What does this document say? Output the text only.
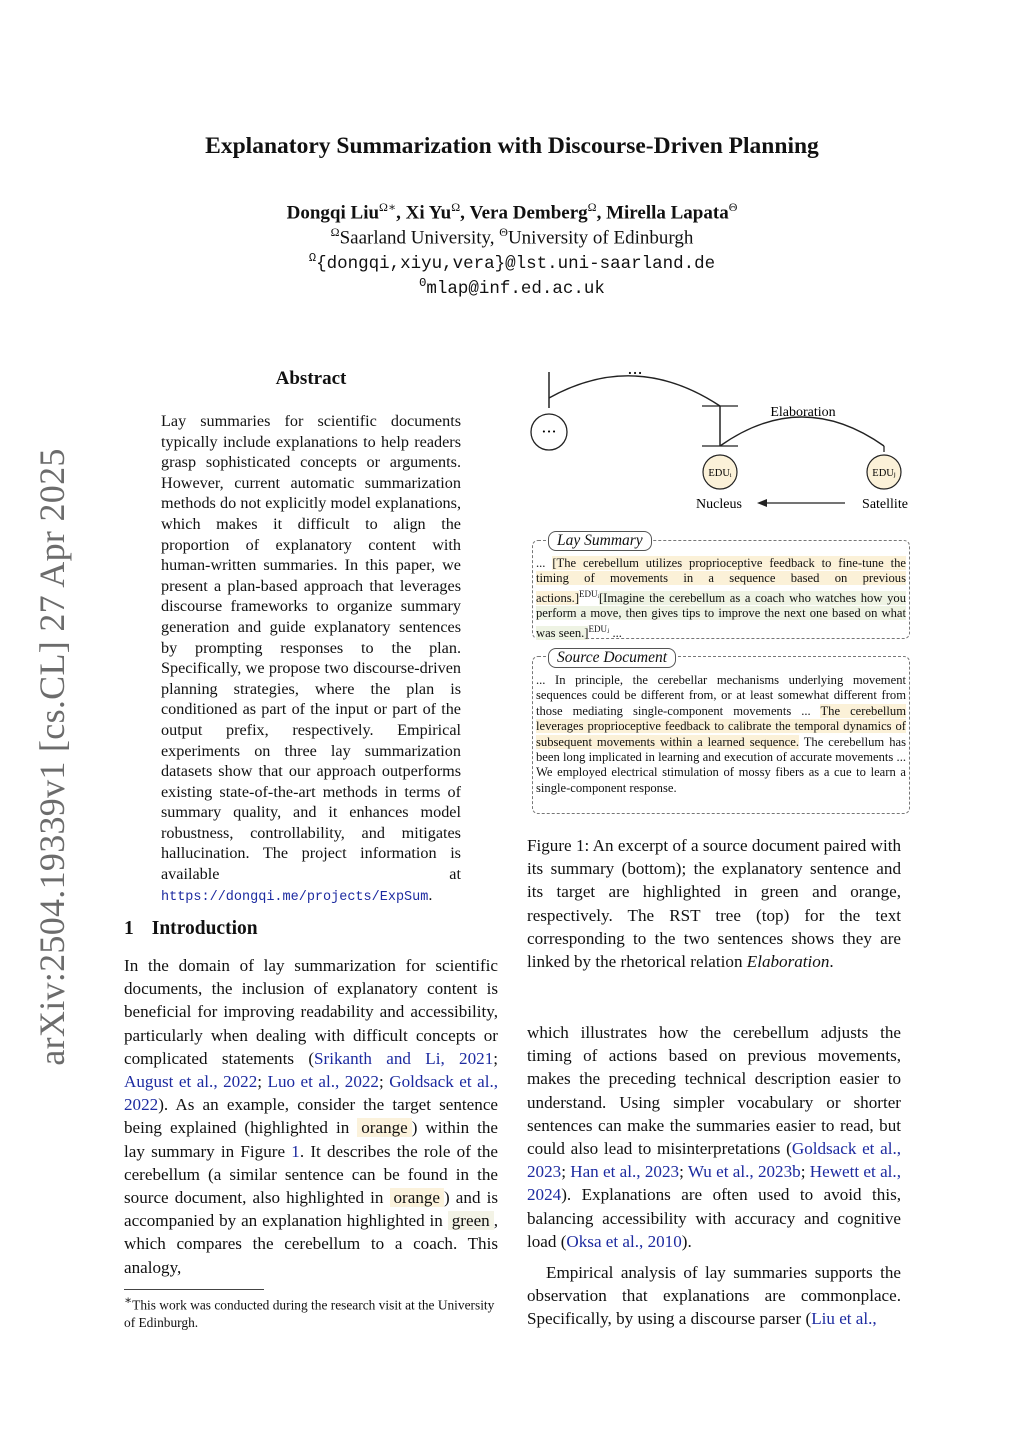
arXiv:2504.19339v1 [cs.CL] 27 Apr 2025
Explanatory Summarization with Discourse-Driven Planning
Dongqi Liu$^{\Omega∗}$, Xi $Yu^\Omega$, Vera Demberg$^\Omega$, Mirella Lapata$^\Theta$
$^\Omega$Saarland University, $^\Theta$University of Edinburgh
$^\Omega${dongqi,xiyu,vera}@lst.uni-saarland.de
$^\Theta$mlap@inf.ed.ac.uk
Abstract
Lay summaries for scientific documents typically include explanations to help readers grasp sophisticated concepts or arguments. However, current automatic summarization methods do not explicitly model explanations, which makes it difficult to align the proportion of explanatory content with human-written summaries. In this paper, we present a plan-based approach that leverages discourse frameworks to organize summary generation and guide explanatory sentences by prompting responses to the plan. Specifically, we propose two discourse-driven planning strategies, where the plan is conditioned as part of the input or part of the output prefix, respectively. Empirical experiments on three lay summarization datasets show that our approach outperforms existing state-of-the-art methods in terms of summary quality, and it enhances model robustness, controllability, and mitigates hallucination. The project information is available at https://dongqi.me/projects/ExpSum.
1 Introduction
In the domain of lay summarization for scientific documents, the inclusion of explanatory content is beneficial for improving readability and accessibility, particularly when dealing with difficult concepts or complicated statements (Srikanth and Li, 2021; August et al., 2022; Luo et al., 2022; Goldsack et al., 2022). As an example, consider the target sentence being explained (highlighted in orange ) within the lay summary in Figure 1. It describes the role of the cerebellum (a similar sentence can be found in the source document, also highlighted in orange ) and is accompanied by an explanation highlighted in green , which compares the cerebellum to a coach. This analogy,
∗This work was conducted during the research visit at the University of Edinburgh.
...
···
Elaboration
EDUᵢ	EDUⱼ
Nucleus	Satellite
Lay Summary
... [The cerebellum utilizes proprioceptive feedback to fine-tune the timing of movements in a sequence based on previous actions.]$^{EDUᵢ}$[Imagine the cerebellum as a coach who watches how you perform a move, then gives tips to improve the next one based on what was seen.]$^{EDUⱼ}$ ...
Source Document
... In principle, the cerebellar mechanisms underlying movement sequences could be different from, or at least somewhat different from those mediating single-component movements ... The cerebellum leverages proprioceptive feedback to calibrate the temporal dynamics of subsequent movements within a learned sequence. The cerebellum has been long implicated in learning and execution of accurate movements ... We employed electrical stimulation of mossy fibers as a cue to learn a single-component response.
Figure 1: An excerpt of a source document paired with its summary (bottom); the explanatory sentence and its target are highlighted in green and orange, respectively. The RST tree (top) for the text corresponding to the two sentences shows they are linked by the rhetorical relation Elaboration.
which illustrates how the cerebellum adjusts the timing of actions based on previous movements, makes the preceding technical description easier to understand. Using simpler vocabulary or shorter sentences can make the summaries easier to read, but could also lead to misinterpretations (Goldsack et al., 2023; Han et al., 2023; Wu et al., 2023b; Hewett et al., 2024). Explanations are often used to avoid this, balancing accessibility with accuracy and cognitive load (Oksa et al., 2010).
Empirical analysis of lay summaries supports the observation that explanations are commonplace. Specifically, by using a discourse parser (Liu et al.,
